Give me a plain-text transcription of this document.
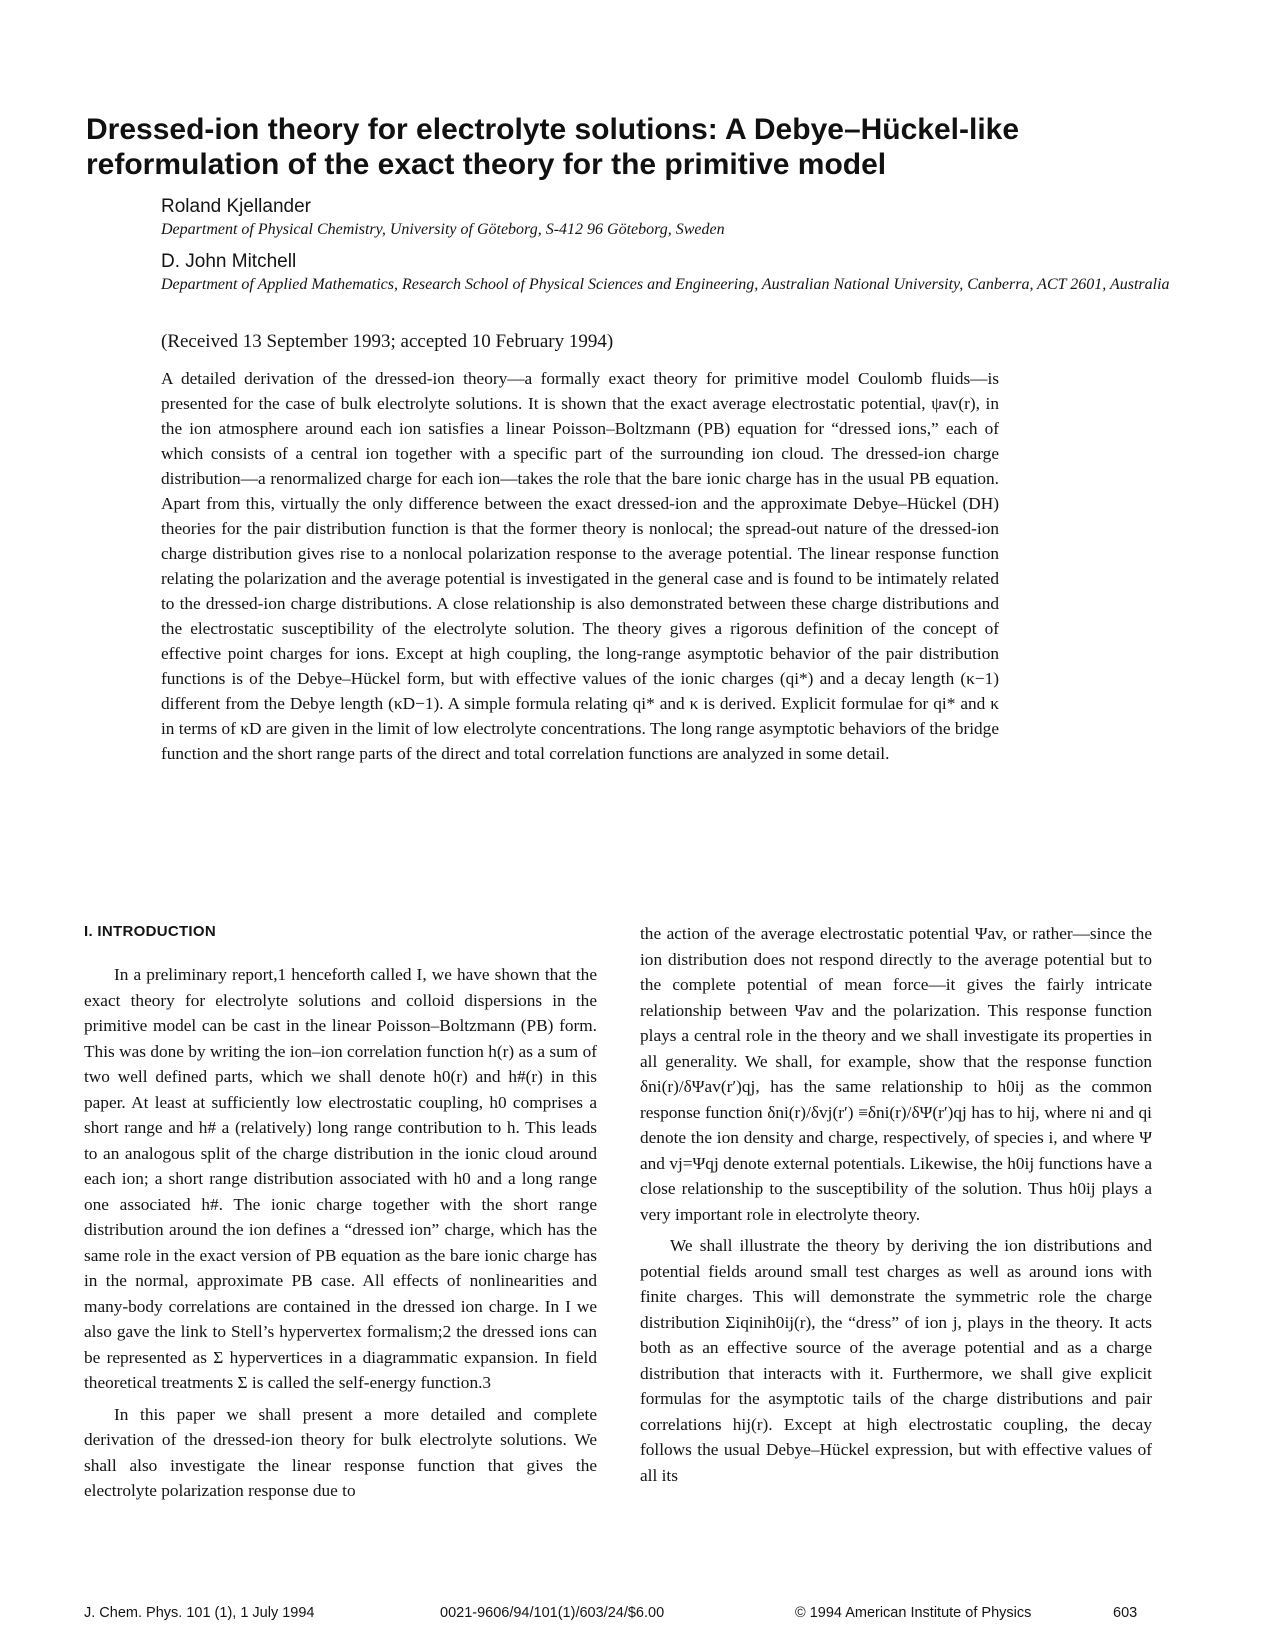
Dressed-ion theory for electrolyte solutions: A Debye–Hückel-like reformulation of the exact theory for the primitive model

Roland Kjellander

Department of Physical Chemistry, University of Göteborg, S-412 96 Göteborg, Sweden

D. John Mitchell

Department of Applied Mathematics, Research School of Physical Sciences and Engineering, Australian National University, Canberra, ACT 2601, Australia

(Received 13 September 1993; accepted 10 February 1994)

A detailed derivation of the dressed-ion theory—a formally exact theory for primitive model Coulomb fluids—is presented for the case of bulk electrolyte solutions. It is shown that the exact average electrostatic potential, ψav(r), in the ion atmosphere around each ion satisfies a linear Poisson–Boltzmann (PB) equation for “dressed ions,” each of which consists of a central ion together with a specific part of the surrounding ion cloud. The dressed-ion charge distribution—a renormalized charge for each ion—takes the role that the bare ionic charge has in the usual PB equation. Apart from this, virtually the only difference between the exact dressed-ion and the approximate Debye–Hückel (DH) theories for the pair distribution function is that the former theory is nonlocal; the spread-out nature of the dressed-ion charge distribution gives rise to a nonlocal polarization response to the average potential. The linear response function relating the polarization and the average potential is investigated in the general case and is found to be intimately related to the dressed-ion charge distributions. A close relationship is also demonstrated between these charge distributions and the electrostatic susceptibility of the electrolyte solution. The theory gives a rigorous definition of the concept of effective point charges for ions. Except at high coupling, the long-range asymptotic behavior of the pair distribution functions is of the Debye–Hückel form, but with effective values of the ionic charges (qi*) and a decay length (κ−1) different from the Debye length (κD−1). A simple formula relating qi* and κ is derived. Explicit formulae for qi* and κ in terms of κD are given in the limit of low electrolyte concentrations. The long range asymptotic behaviors of the bridge function and the short range parts of the direct and total correlation functions are analyzed in some detail.

I. INTRODUCTION

In a preliminary report,1 henceforth called I, we have shown that the exact theory for electrolyte solutions and colloid dispersions in the primitive model can be cast in the linear Poisson–Boltzmann (PB) form. This was done by writing the ion–ion correlation function h(r) as a sum of two well defined parts, which we shall denote h0(r) and h#(r) in this paper. At least at sufficiently low electrostatic coupling, h0 comprises a short range and h# a (relatively) long range contribution to h. This leads to an analogous split of the charge distribution in the ionic cloud around each ion; a short range distribution associated with h0 and a long range one associated h#. The ionic charge together with the short range distribution around the ion defines a “dressed ion” charge, which has the same role in the exact version of PB equation as the bare ionic charge has in the normal, approximate PB case. All effects of nonlinearities and many-body correlations are contained in the dressed ion charge. In I we also gave the link to Stell’s hypervertex formalism;2 the dressed ions can be represented as Σ hypervertices in a diagrammatic expansion. In field theoretical treatments Σ is called the self-energy function.3

In this paper we shall present a more detailed and complete derivation of the dressed-ion theory for bulk electrolyte solutions. We shall also investigate the linear response function that gives the electrolyte polarization response due to

the action of the average electrostatic potential Ψav, or rather—since the ion distribution does not respond directly to the average potential but to the complete potential of mean force—it gives the fairly intricate relationship between Ψav and the polarization. This response function plays a central role in the theory and we shall investigate its properties in all generality. We shall, for example, show that the response function δni(r)/δΨav(r′)qj, has the same relationship to h0ij as the common response function δni(r)/δvj(r′) ≡δni(r)/δΨ(r′)qj has to hij, where ni and qi denote the ion density and charge, respectively, of species i, and where Ψ and vj=Ψqj denote external potentials. Likewise, the h0ij functions have a close relationship to the susceptibility of the solution. Thus h0ij plays a very important role in electrolyte theory.

We shall illustrate the theory by deriving the ion distributions and potential fields around small test charges as well as around ions with finite charges. This will demonstrate the symmetric role the charge distribution Σiqinih0ij(r), the “dress” of ion j, plays in the theory. It acts both as an effective source of the average potential and as a charge distribution that interacts with it. Furthermore, we shall give explicit formulas for the asymptotic tails of the charge distributions and pair correlations hij(r). Except at high electrostatic coupling, the decay follows the usual Debye–Hückel expression, but with effective values of all its

J. Chem. Phys. 101 (1), 1 July 1994	0021-9606/94/101(1)/603/24/$6.00	© 1994 American Institute of Physics	603
